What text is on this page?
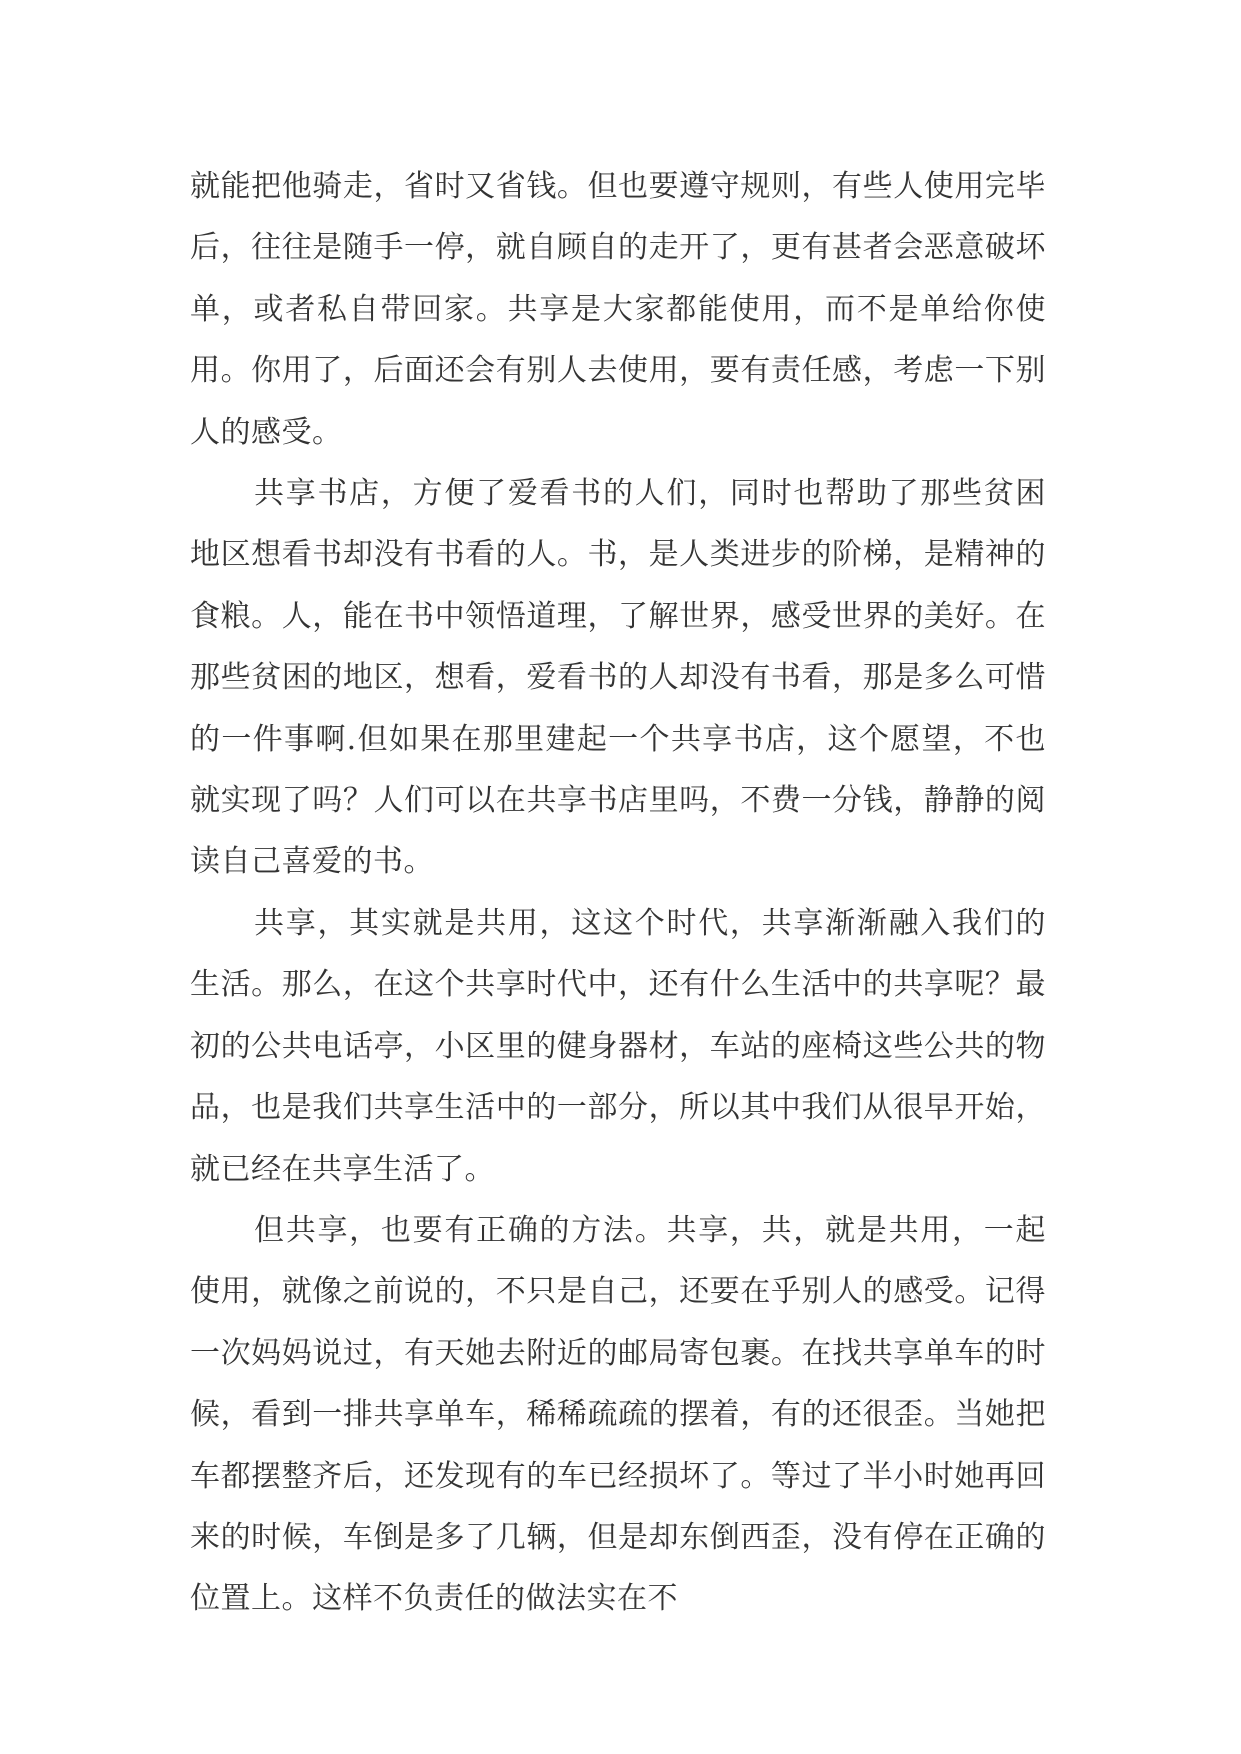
就能把他骑走，省时又省钱。但也要遵守规则，有些人使用完毕后，往往是随手一停，就自顾自的走开了，更有甚者会恶意破坏单，或者私自带回家。共享是大家都能使用，而不是单给你使用。你用了，后面还会有别人去使用，要有责任感，考虑一下别人的感受。

共享书店，方便了爱看书的人们，同时也帮助了那些贫困地区想看书却没有书看的人。书，是人类进步的阶梯，是精神的食粮。人，能在书中领悟道理，了解世界，感受世界的美好。在那些贫困的地区，想看，爱看书的人却没有书看，那是多么可惜的一件事啊.但如果在那里建起一个共享书店，这个愿望，不也就实现了吗？人们可以在共享书店里吗，不费一分钱，静静的阅读自己喜爱的书。

共享，其实就是共用，这这个时代，共享渐渐融入我们的生活。那么，在这个共享时代中，还有什么生活中的共享呢？最初的公共电话亭，小区里的健身器材，车站的座椅这些公共的物品，也是我们共享生活中的一部分，所以其中我们从很早开始，就已经在共享生活了。

但共享，也要有正确的方法。共享，共，就是共用，一起使用，就像之前说的，不只是自己，还要在乎别人的感受。记得一次妈妈说过，有天她去附近的邮局寄包裹。在找共享单车的时候，看到一排共享单车，稀稀疏疏的摆着，有的还很歪。当她把车都摆整齐后，还发现有的车已经损坏了。等过了半小时她再回来的时候，车倒是多了几辆，但是却东倒西歪，没有停在正确的位置上。这样不负责任的做法实在不
